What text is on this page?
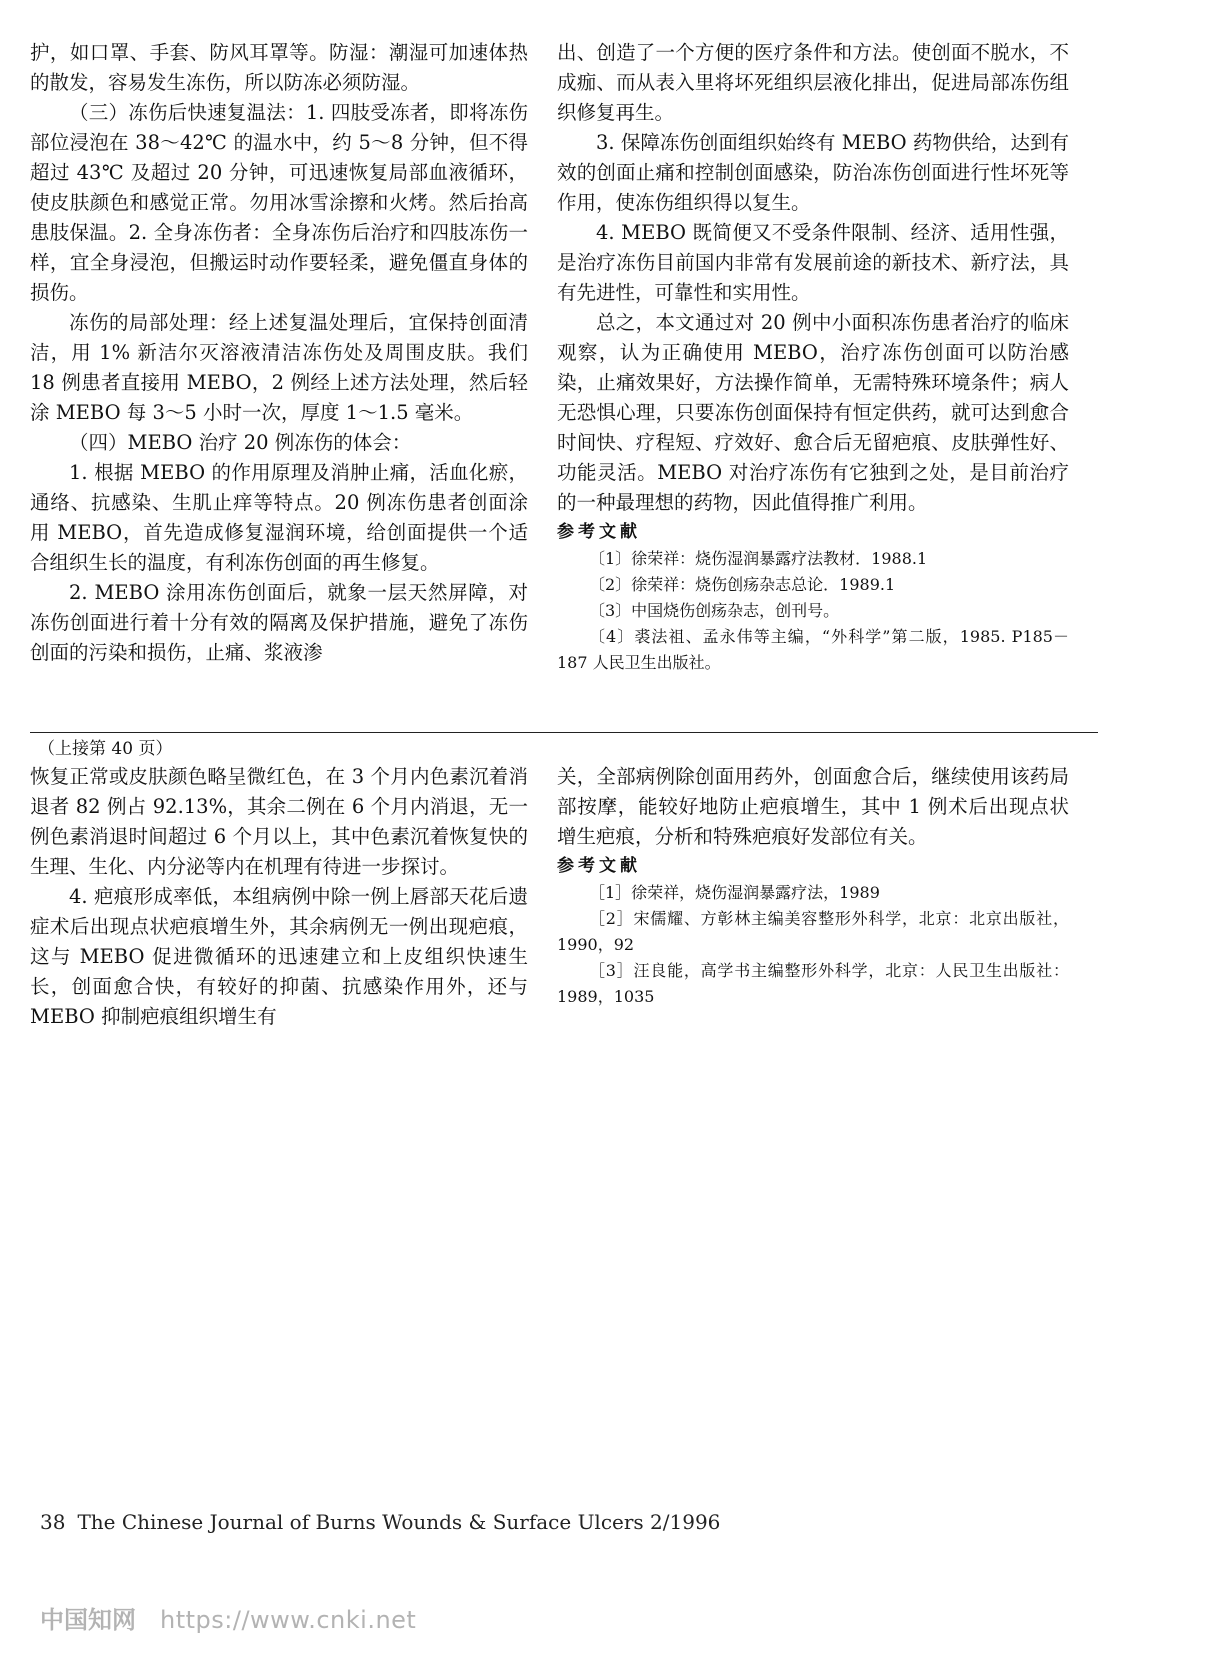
护，如口罩、手套、防风耳罩等。防湿：潮湿可加速体热的散发，容易发生冻伤，所以防冻必须防湿。

（三）冻伤后快速复温法：1. 四肢受冻者，即将冻伤部位浸泡在 38～42℃ 的温水中，约 5～8 分钟，但不得超过 43℃ 及超过 20 分钟，可迅速恢复局部血液循环，使皮肤颜色和感觉正常。勿用冰雪涂擦和火烤。然后抬高患肢保温。2. 全身冻伤者：全身冻伤后治疗和四肢冻伤一样，宜全身浸泡，但搬运时动作要轻柔，避免僵直身体的损伤。

冻伤的局部处理：经上述复温处理后，宜保持创面清洁，用 1% 新洁尔灭溶液清洁冻伤处及周围皮肤。我们 18 例患者直接用 MEBO，2 例经上述方法处理，然后轻涂 MEBO 每 3～5 小时一次，厚度 1～1.5 毫米。

（四）MEBO 治疗 20 例冻伤的体会：

1. 根据 MEBO 的作用原理及消肿止痛，活血化瘀，通络、抗感染、生肌止痒等特点。20 例冻伤患者创面涂用 MEBO，首先造成修复湿润环境，给创面提供一个适合组织生长的温度，有利冻伤创面的再生修复。

2. MEBO 涂用冻伤创面后，就象一层天然屏障，对冻伤创面进行着十分有效的隔离及保护措施，避免了冻伤创面的污染和损伤，止痛、浆液渗

出、创造了一个方便的医疗条件和方法。使创面不脱水，不成痂、而从表入里将坏死组织层液化排出，促进局部冻伤组织修复再生。

3. 保障冻伤创面组织始终有 MEBO 药物供给，达到有效的创面止痛和控制创面感染，防治冻伤创面进行性坏死等作用，使冻伤组织得以复生。

4. MEBO 既简便又不受条件限制、经济、适用性强，是治疗冻伤目前国内非常有发展前途的新技术、新疗法，具有先进性，可靠性和实用性。

总之，本文通过对 20 例中小面积冻伤患者治疗的临床观察，认为正确使用 MEBO，治疗冻伤创面可以防治感染，止痛效果好，方法操作简单，无需特殊环境条件；病人无恐惧心理，只要冻伤创面保持有恒定供药，就可达到愈合时间快、疗程短、疗效好、愈合后无留疤痕、皮肤弹性好、功能灵活。MEBO 对治疗冻伤有它独到之处，是目前治疗的一种最理想的药物，因此值得推广利用。

参考文献

〔1〕徐荣祥：烧伤湿润暴露疗法教材．1988.1

〔2〕徐荣祥：烧伤创疡杂志总论．1989.1

〔3〕中国烧伤创疡杂志，创刊号。

〔4〕裘法祖、孟永伟等主编，“外科学”第二版，1985. P185－187 人民卫生出版社。

（上接第 40 页）

恢复正常或皮肤颜色略呈微红色，在 3 个月内色素沉着消退者 82 例占 92.13%，其余二例在 6 个月内消退，无一例色素消退时间超过 6 个月以上，其中色素沉着恢复快的生理、生化、内分泌等内在机理有待进一步探讨。

4. 疤痕形成率低，本组病例中除一例上唇部天花后遗症术后出现点状疤痕增生外，其余病例无一例出现疤痕，这与 MEBO 促进微循环的迅速建立和上皮组织快速生长，创面愈合快，有较好的抑菌、抗感染作用外，还与 MEBO 抑制疤痕组织增生有

关，全部病例除创面用药外，创面愈合后，继续使用该药局部按摩，能较好地防止疤痕增生，其中 1 例术后出现点状增生疤痕，分析和特殊疤痕好发部位有关。

参考文献

［1］徐荣祥，烧伤湿润暴露疗法，1989

［2］宋儒耀、方彰林主编美容整形外科学，北京：北京出版社，1990，92

［3］汪良能，高学书主编整形外科学，北京：人民卫生出版社：1989，1035

38 The Chinese Journal of Burns Wounds & Surface Ulcers 2/1996
中国知网 https://www.cnki.net
